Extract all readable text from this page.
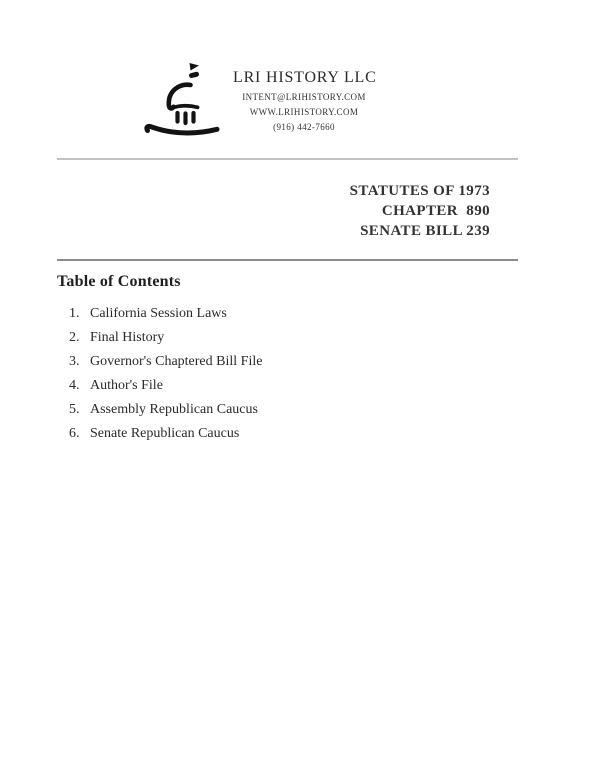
LRI HISTORY LLC
INTENT@LRIHISTORY.COM
WWW.LRIHISTORY.COM
(916) 442-7660
STATUTES OF 1973
CHAPTER  890
SENATE BILL 239
Table of Contents
1. California Session Laws
2. Final History
3. Governor's Chaptered Bill File
4. Author's File
5. Assembly Republican Caucus
6. Senate Republican Caucus
